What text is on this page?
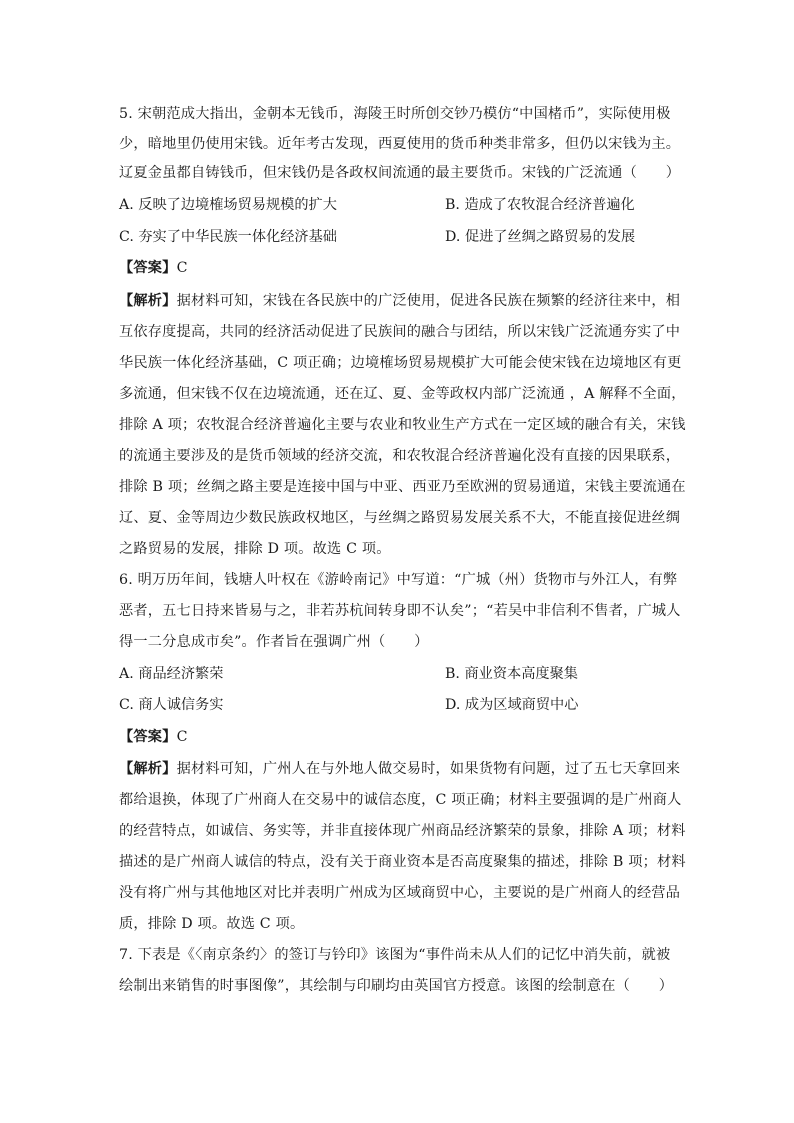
5. 宋朝范成大指出，金朝本无钱币，海陵王时所创交钞乃模仿“中国楮币”，实际使用极
少，暗地里仍使用宋钱。近年考古发现，西夏使用的货币种类非常多，但仍以宋钱为主。
辽夏金虽都自铸钱币，但宋钱仍是各政权间流通的最主要货币。宋钱的广泛流通（　　）
A. 反映了边境榷场贸易规模的扩大	B. 造成了农牧混合经济普遍化
C. 夯实了中华民族一体化经济基础	D. 促进了丝绸之路贸易的发展
【答案】C
【解析】据材料可知，宋钱在各民族中的广泛使用，促进各民族在频繁的经济往来中，相
互依存度提高，共同的经济活动促进了民族间的融合与团结，所以宋钱广泛流通夯实了中
华民族一体化经济基础，C 项正确；边境榷场贸易规模扩大可能会使宋钱在边境地区有更
多流通，但宋钱不仅在边境流通，还在辽、夏、金等政权内部广泛流通 ，A 解释不全面，
排除 A 项；农牧混合经济普遍化主要与农业和牧业生产方式在一定区域的融合有关，宋钱
的流通主要涉及的是货币领域的经济交流，和农牧混合经济普遍化没有直接的因果联系，
排除 B 项；丝绸之路主要是连接中国与中亚、西亚乃至欧洲的贸易通道，宋钱主要流通在
辽、夏、金等周边少数民族政权地区，与丝绸之路贸易发展关系不大，不能直接促进丝绸
之路贸易的发展，排除 D 项。故选 C 项。
6. 明万历年间，钱塘人叶权在《游岭南记》中写道：“广城（州）货物市与外江人，有弊
恶者，五七日持来皆易与之，非若苏杭间转身即不认矣”；“若吴中非信利不售者，广城人
得一二分息成市矣”。作者旨在强调广州（　　）
A. 商品经济繁荣	B. 商业资本高度聚集
C. 商人诚信务实	D. 成为区域商贸中心
【答案】C
【解析】据材料可知，广州人在与外地人做交易时，如果货物有问题，过了五七天拿回来
都给退换，体现了广州商人在交易中的诚信态度，C 项正确；材料主要强调的是广州商人
的经营特点，如诚信、务实等，并非直接体现广州商品经济繁荣的景象，排除 A 项；材料
描述的是广州商人诚信的特点，没有关于商业资本是否高度聚集的描述，排除 B 项；材料
没有将广州与其他地区对比并表明广州成为区域商贸中心，主要说的是广州商人的经营品
质，排除 D 项。故选 C 项。
7. 下表是《〈南京条约〉的签订与钤印》该图为“事件尚未从人们的记忆中消失前，就被
绘制出来销售的时事图像”，其绘制与印刷均由英国官方授意。该图的绘制意在（　　）
